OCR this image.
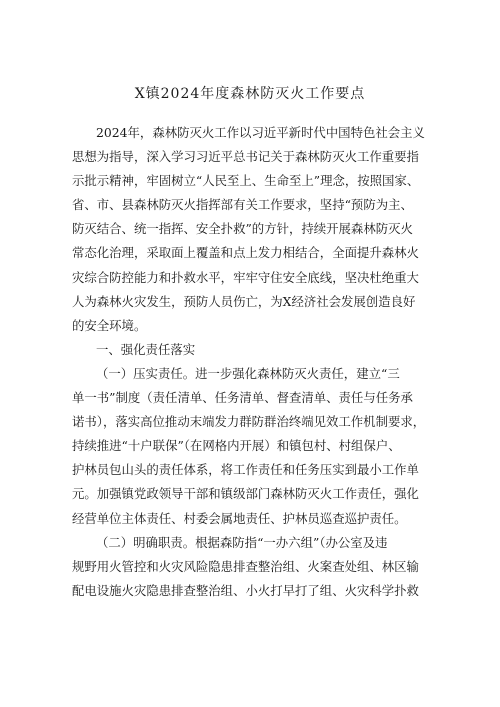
X镇2024年度森林防灭火工作要点
2024年，森林防灭火工作以习近平新时代中国特色社会主义
思想为指导，深入学习习近平总书记关于森林防灭火工作重要指
示批示精神，牢固树立“人民至上、生命至上”理念，按照国家、
省、市、县森林防灭火指挥部有关工作要求，坚持“预防为主、
防灭结合、统一指挥、安全扑救”的方针，持续开展森林防灭火
常态化治理，采取面上覆盖和点上发力相结合，全面提升森林火
灾综合防控能力和扑救水平，牢牢守住安全底线，坚决杜绝重大
人为森林火灾发生，预防人员伤亡，为X经济社会发展创造良好
的安全环境。
一、强化责任落实
（一）压实责任。进一步强化森林防灭火责任，建立“三
单一书”制度（责任清单、任务清单、督查清单、责任与任务承
诺书），落实高位推动末端发力群防群治终端见效工作机制要求，
持续推进“十户联保”（在网格内开展）和镇包村、村组保户、
护林员包山头的责任体系，将工作责任和任务压实到最小工作单
元。加强镇党政领导干部和镇级部门森林防灭火工作责任，强化
经营单位主体责任、村委会属地责任、护林员巡查巡护责任。
（二）明确职责。根据森防指“一办六组”（办公室及违
规野用火管控和火灾风险隐患排查整治组、火案查处组、林区输
配电设施火灾隐患排查整治组、小火打早打了组、火灾科学扑救
